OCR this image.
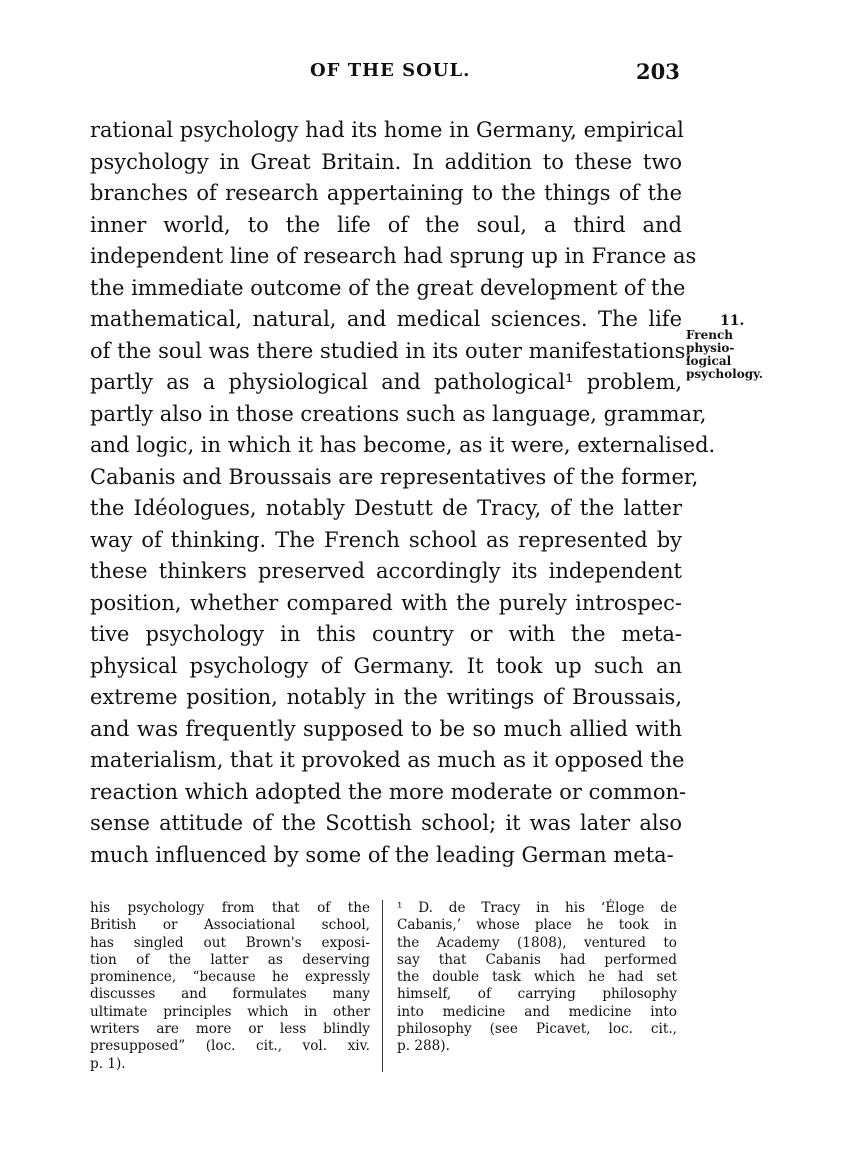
OF THE SOUL.	203
rational psychology had its home in Germany, empirical
psychology in Great Britain. In addition to these two
branches of research appertaining to the things of the
inner world, to the life of the soul, a third and
independent line of research had sprung up in France as
the immediate outcome of the great development of the
mathematical, natural, and medical sciences. The life
of the soul was there studied in its outer manifestations,
partly as a physiological and pathological¹ problem,
partly also in those creations such as language, grammar,
and logic, in which it has become, as it were, externalised.
Cabanis and Broussais are representatives of the former,
the Idéologues, notably Destutt de Tracy, of the latter
way of thinking. The French school as represented by
these thinkers preserved accordingly its independent
position, whether compared with the purely introspec-
tive psychology in this country or with the meta-
physical psychology of Germany. It took up such an
extreme position, notably in the writings of Broussais,
and was frequently supposed to be so much allied with
materialism, that it provoked as much as it opposed the
reaction which adopted the more moderate or common-
sense attitude of the Scottish school; it was later also
much influenced by some of the leading German meta-
11.
French
physio-
logical
psychology.
his psychology from that of the
British or Associational school,
has singled out Brown's exposi-
tion of the latter as deserving
prominence, “because he expressly
discusses and formulates many
ultimate principles which in other
writers are more or less blindly
presupposed” (loc. cit., vol. xiv.
p. 1).
¹ D. de Tracy in his ‘Éloge de
Cabanis,’ whose place he took in
the Academy (1808), ventured to
say that Cabanis had performed
the double task which he had set
himself, of carrying philosophy
into medicine and medicine into
philosophy (see Picavet, loc. cit.,
p. 288).
